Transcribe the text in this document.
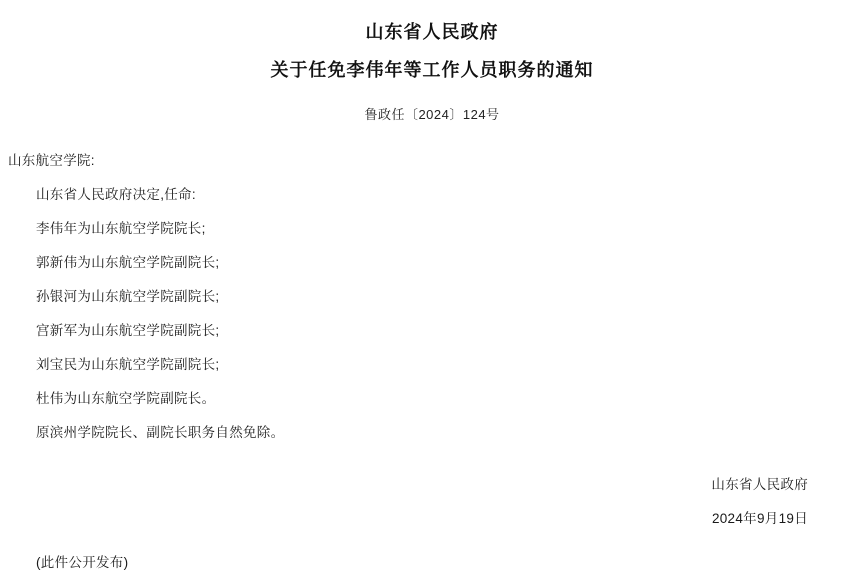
山东省人民政府
关于任免李伟年等工作人员职务的通知
鲁政任〔2024〕124号

山东航空学院:

山东省人民政府决定,任命:

李伟年为山东航空学院院长;

郭新伟为山东航空学院副院长;

孙银河为山东航空学院副院长;

宫新军为山东航空学院副院长;

刘宝民为山东航空学院副院长;

杜伟为山东航空学院副院长。

原滨州学院院长、副院长职务自然免除。

山东省人民政府
2024年9月19日
(此件公开发布)
